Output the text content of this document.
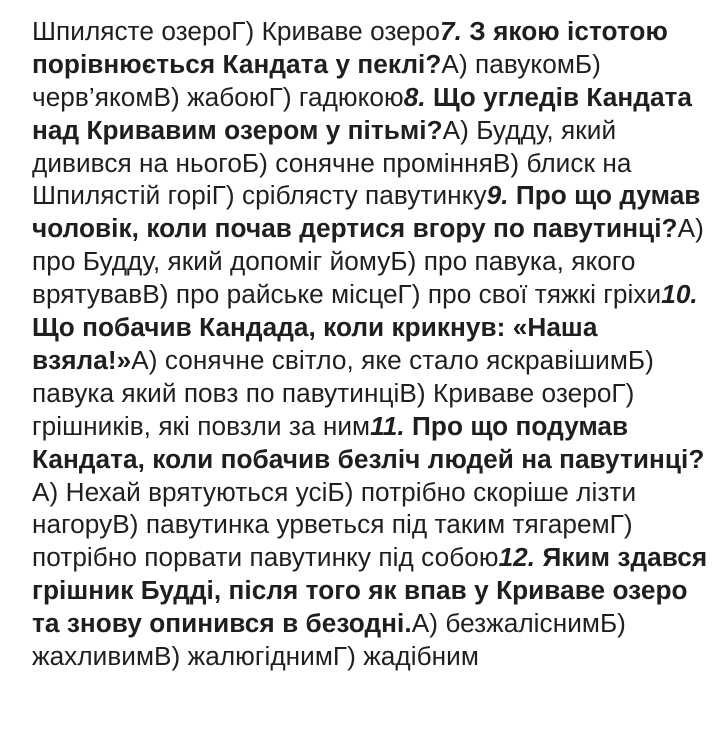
Шпилясте озероГ) Криваве озеро7. З якою істотою порівнюється Кандата у пеклі?А) павукомБ) черв’якомВ) жабоюГ) гадюкою8. Що угледів Кандата над Кривавим озером у пітьмі?А) Будду, який дивився на ньогоБ) сонячне промінняВ) блиск на Шпилястій горіГ) сріблясту павутинку9. Про що думав чоловік, коли почав дертися вгору по павутинці?А) про Будду, який допоміг йомуБ) про павука, якого врятувавВ) про райське місцеГ) про свої тяжкі гріхи10. Що побачив Кандада, коли крикнув: «Наша взяла!»А) сонячне світло, яке стало яскравішимБ) павука який повз по павутинціВ) Криваве озероГ) грішників, які повзли за ним11. Про що подумав Кандата, коли побачив безліч людей на павутинці?А) Нехай врятуються усіБ) потрібно скоріше лізти нагоруВ) павутинка урветься під таким тягаремГ) потрібно порвати павутинку під собою12. Яким здався грішник Будді, після того як впав у Криваве озеро та знову опинився в безодні.А) безжаліснимБ) жахливимВ) жалюгіднимГ) жадібним
